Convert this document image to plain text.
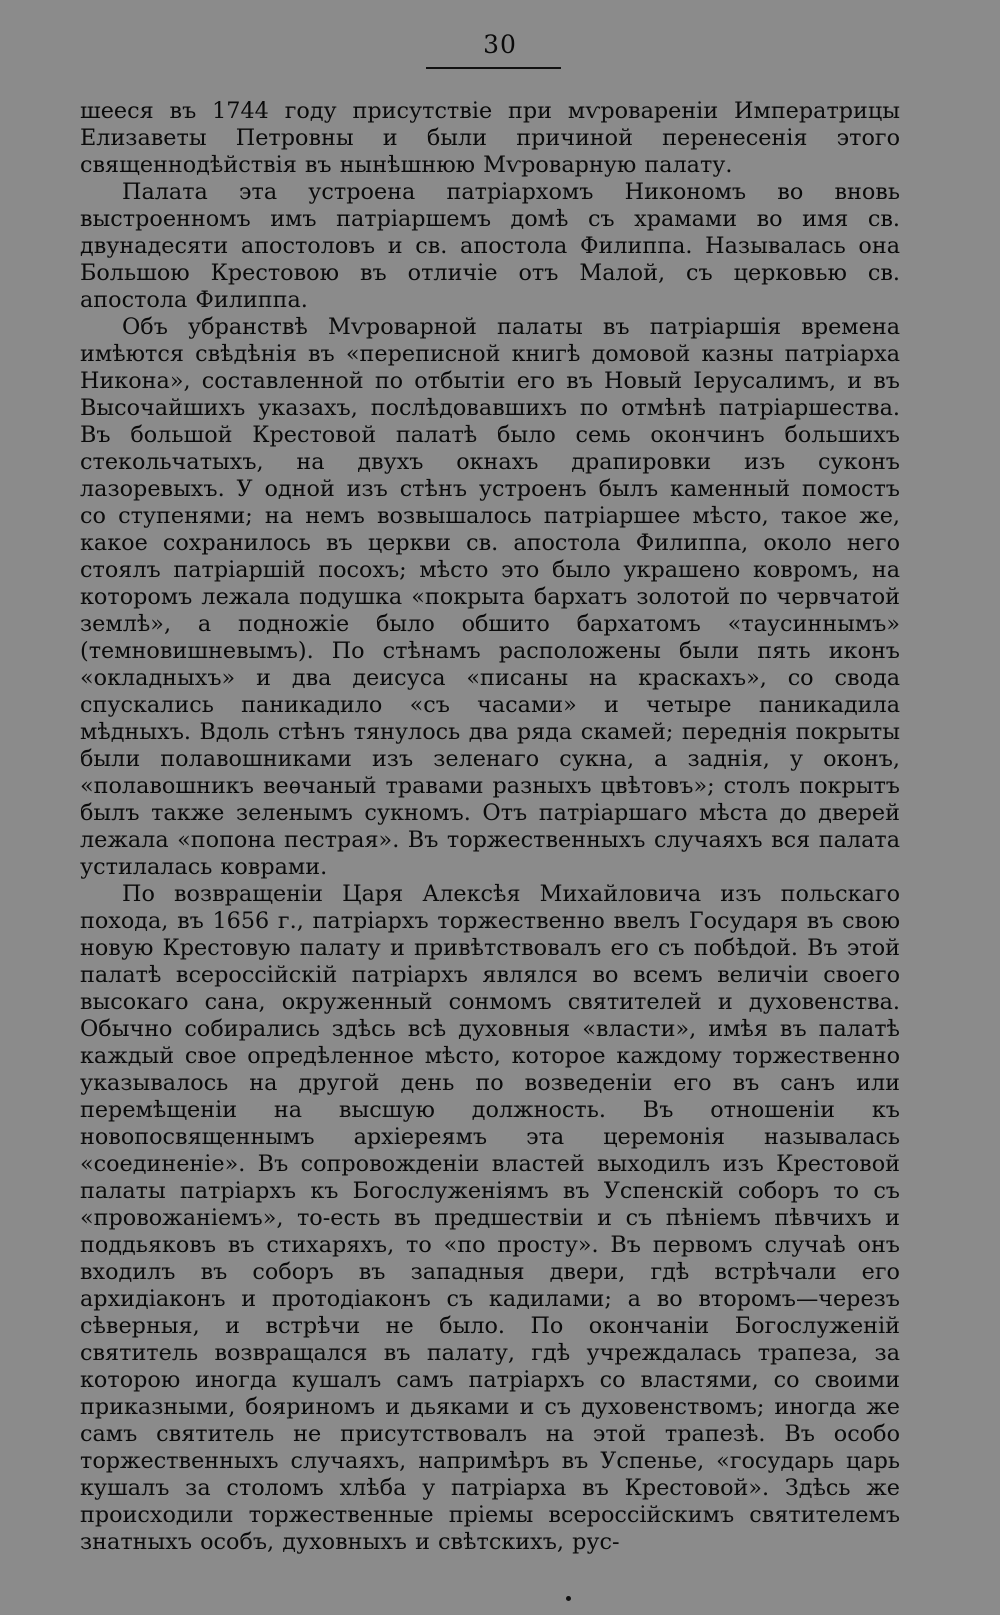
30

шееся въ 1744 году присутствіе при мѵровареніи Императрицы Елизаветы Петровны и были причиной перенесенія этого священнодѣйствія въ нынѣшнюю Мѵроварную палату.

Палата эта устроена патріархомъ Никономъ во вновь выстроенномъ имъ патріаршемъ домѣ съ храмами во имя св. двунадесяти апостоловъ и св. апостола Филиппа. Называлась она Большою Крестовою въ отличіе отъ Малой, съ церковью св. апостола Филиппа.

Объ убранствѣ Мѵроварной палаты въ патріаршія времена имѣются свѣдѣнія въ «переписной книгѣ домовой казны патріарха Никона», составленной по отбытіи его въ Новый Іерусалимъ, и въ Высочайшихъ указахъ, послѣдовавшихъ по отмѣнѣ патріаршества. Въ большой Крестовой палатѣ было семь окончинъ большихъ стекольчатыхъ, на двухъ окнахъ драпировки изъ суконъ лазоревыхъ. У одной изъ стѣнъ устроенъ былъ каменный помостъ со ступенями; на немъ возвышалось патріаршее мѣсто, такое же, какое сохранилось въ церкви св. апостола Филиппа, около него стоялъ патріаршій посохъ; мѣсто это было украшено ковромъ, на которомъ лежала подушка «покрыта бархатъ золотой по червчатой землѣ», а подножіе было обшито бархатомъ «таусиннымъ» (темновишневымъ). По стѣнамъ расположены были пять иконъ «окладныхъ» и два деисуса «писаны на краскахъ», со свода спускались паникадило «съ часами» и четыре паникадила мѣдныхъ. Вдоль стѣнъ тянулось два ряда скамей; переднія покрыты были полавошниками изъ зеленаго сукна, а заднія, у оконъ, «полавошникъ веѳчаный травами разныхъ цвѣтовъ»; столъ покрытъ былъ также зеленымъ сукномъ. Отъ патріаршаго мѣста до дверей лежала «попона пестрая». Въ торжественныхъ случаяхъ вся палата устилалась коврами.

По возвращеніи Царя Алексѣя Михайловича изъ польскаго похода, въ 1656 г., патріархъ торжественно ввелъ Государя въ свою новую Крестовую палату и привѣтствовалъ его съ побѣдой. Въ этой палатѣ всероссійскій патріархъ являлся во всемъ величіи своего высокаго сана, окруженный сонмомъ святителей и духовенства. Обычно собирались здѣсь всѣ духовныя «власти», имѣя въ палатѣ каждый свое опредѣленное мѣсто, которое каждому торжественно указывалось на другой день по возведеніи его въ санъ или перемѣщеніи на высшую должность. Въ отношеніи къ новопосвященнымъ архіереямъ эта церемонія называлась «соединеніе». Въ сопровожденіи властей выходилъ изъ Крестовой палаты патріархъ къ Богослуженіямъ въ Успенскій соборъ то съ «провожаніемъ», то-есть въ предшествіи и съ пѣніемъ пѣвчихъ и поддьяковъ въ стихаряхъ, то «по просту». Въ первомъ случаѣ онъ входилъ въ соборъ въ западныя двери, гдѣ встрѣчали его архидіаконъ и протодіаконъ съ кадилами; а во второмъ—черезъ сѣверныя, и встрѣчи не было. По окончаніи Богослуженій святитель возвращался въ палату, гдѣ учреждалась трапеза, за которою иногда кушалъ самъ патріархъ со властями, со своими приказными, бояриномъ и дьяками и съ духовенствомъ; иногда же самъ святитель не присутствовалъ на этой трапезѣ. Въ особо торжественныхъ случаяхъ, напримѣръ въ Успенье, «государь царь кушалъ за столомъ хлѣба у патріарха въ Крестовой». Здѣсь же происходили торжественные пріемы всероссійскимъ святителемъ знатныхъ особъ, духовныхъ и свѣтскихъ, рус-
